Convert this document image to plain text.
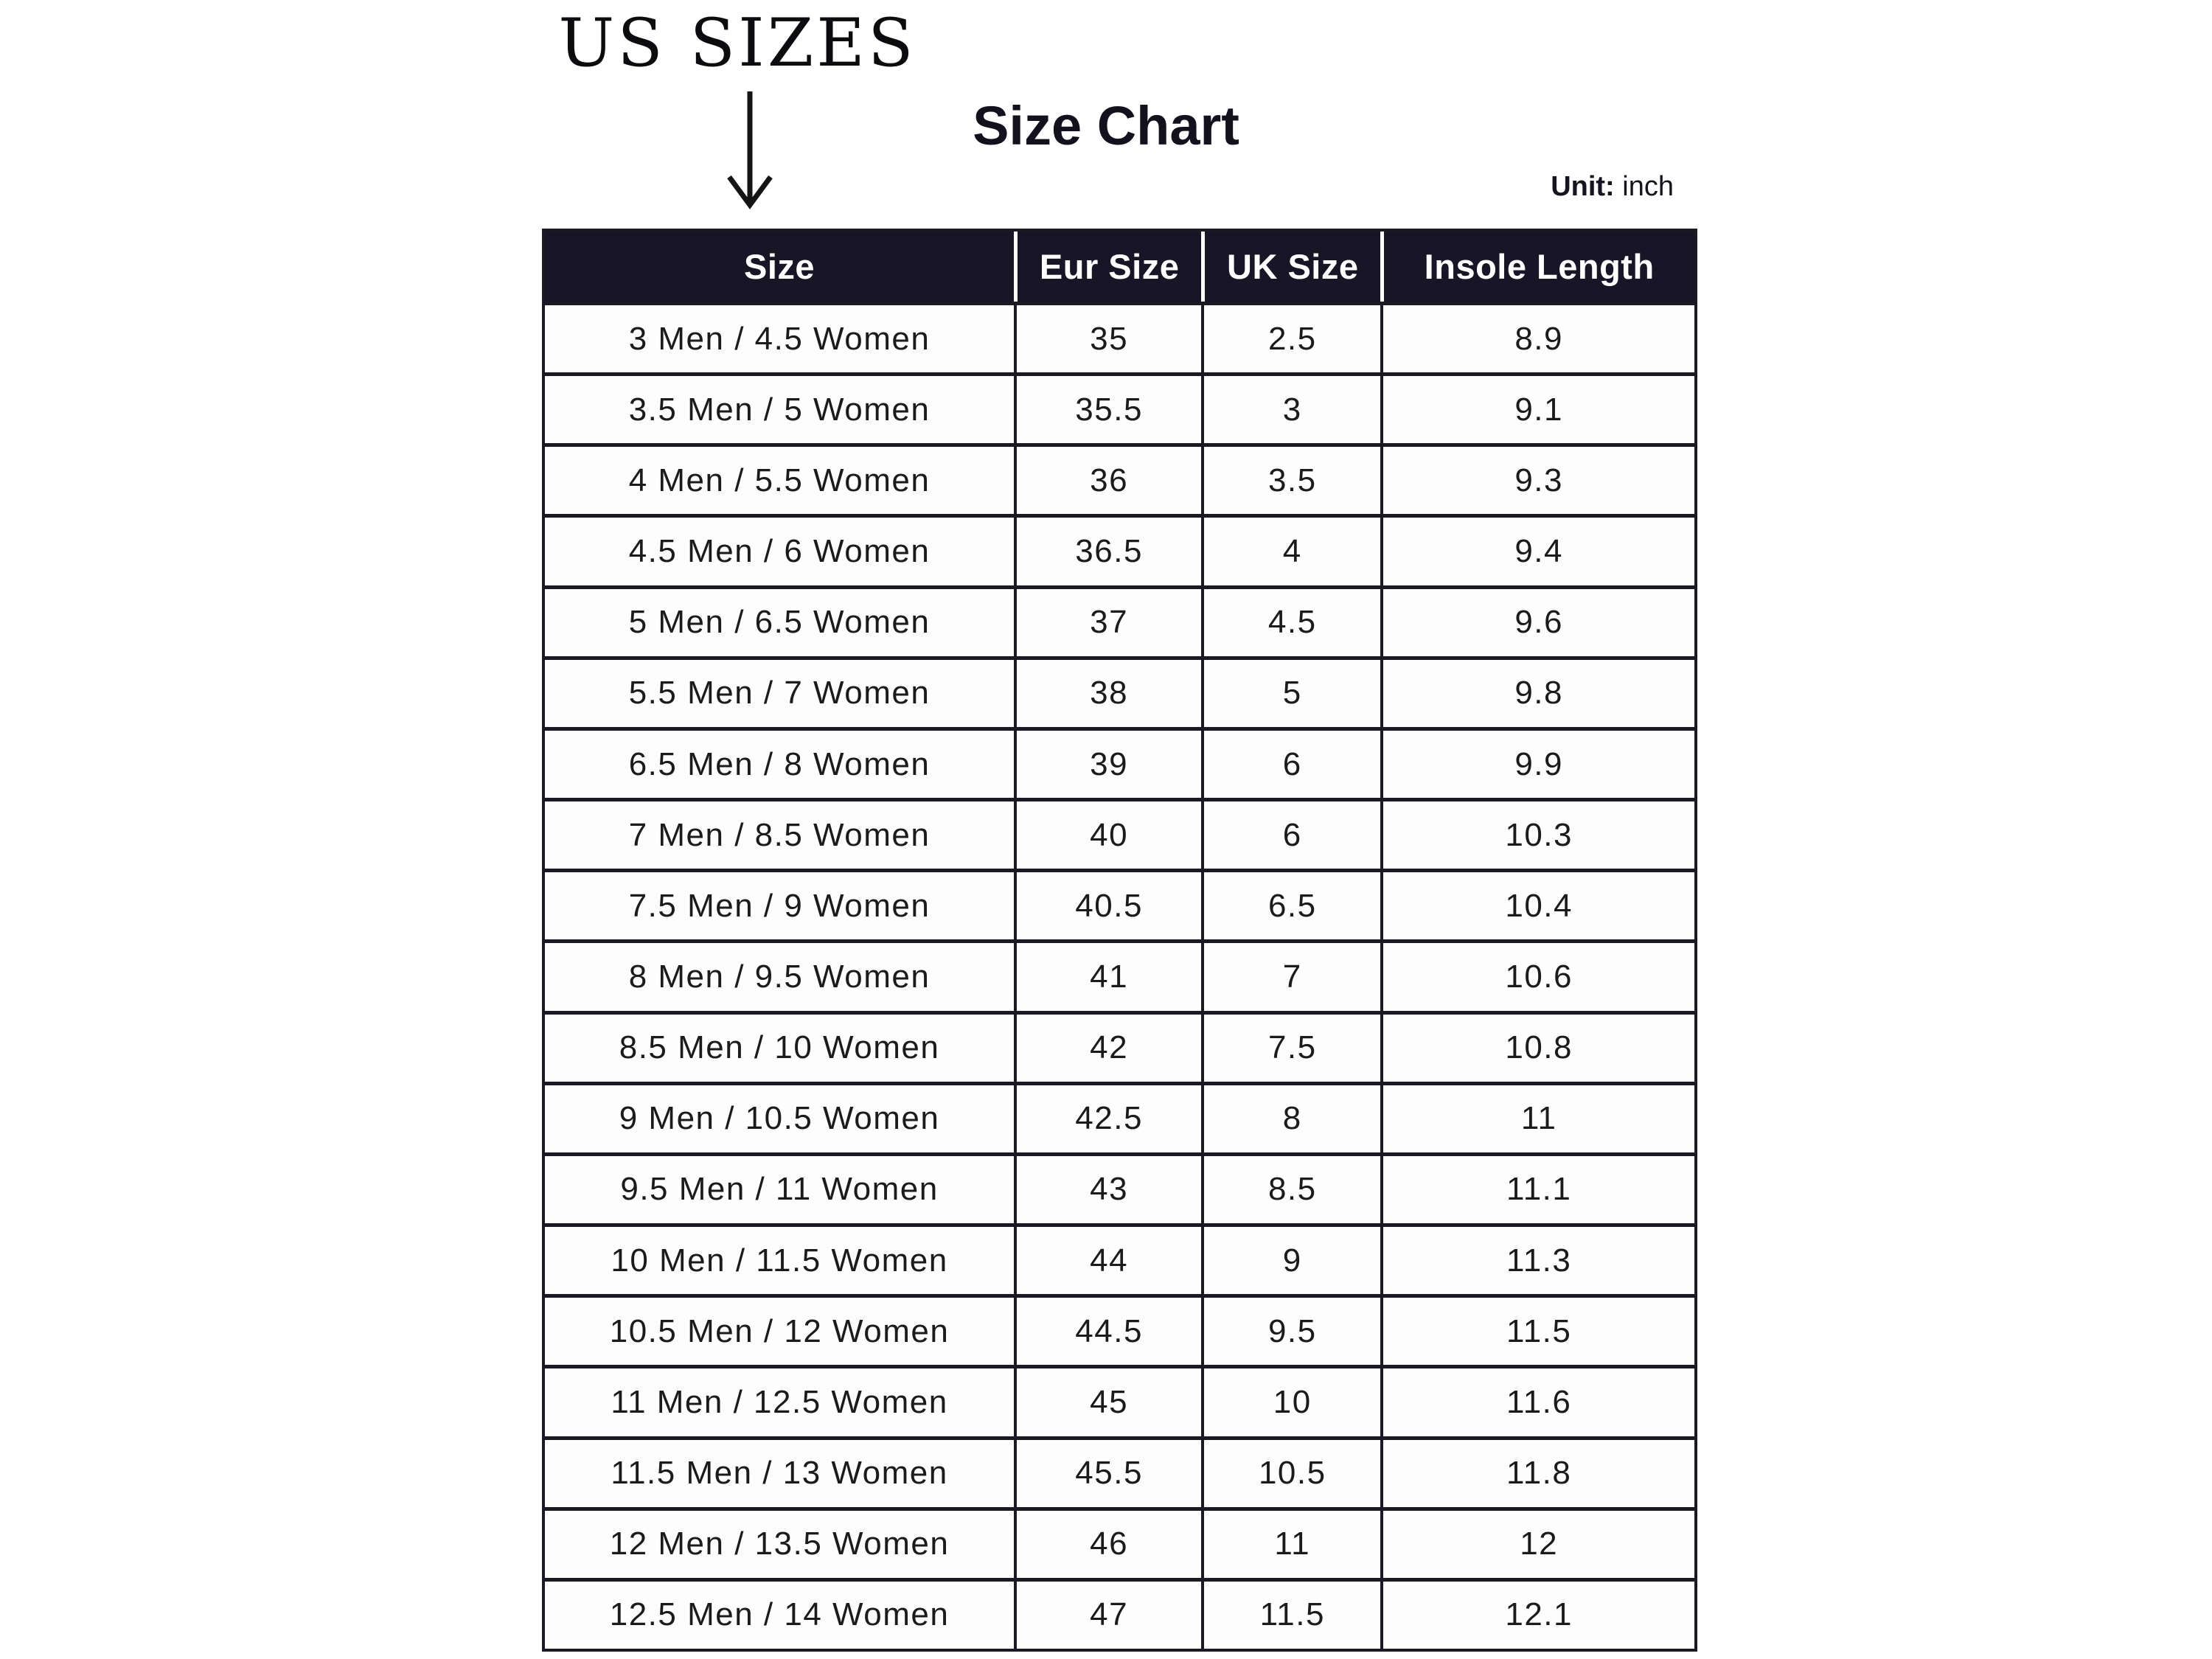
US SIZES
Size Chart
Unit: inch
Size	Eur Size	UK Size	Insole Length
3 Men / 4.5 Women	35	2.5	8.9
3.5 Men / 5 Women	35.5	3	9.1
4 Men / 5.5 Women	36	3.5	9.3
4.5 Men / 6 Women	36.5	4	9.4
5 Men / 6.5 Women	37	4.5	9.6
5.5 Men / 7 Women	38	5	9.8
6.5 Men / 8 Women	39	6	9.9
7 Men / 8.5 Women	40	6	10.3
7.5 Men / 9 Women	40.5	6.5	10.4
8 Men / 9.5 Women	41	7	10.6
8.5 Men / 10 Women	42	7.5	10.8
9 Men / 10.5 Women	42.5	8	11
9.5 Men / 11 Women	43	8.5	11.1
10 Men / 11.5 Women	44	9	11.3
10.5 Men / 12 Women	44.5	9.5	11.5
11 Men / 12.5 Women	45	10	11.6
11.5 Men / 13 Women	45.5	10.5	11.8
12 Men / 13.5 Women	46	11	12
12.5 Men / 14 Women	47	11.5	12.1
